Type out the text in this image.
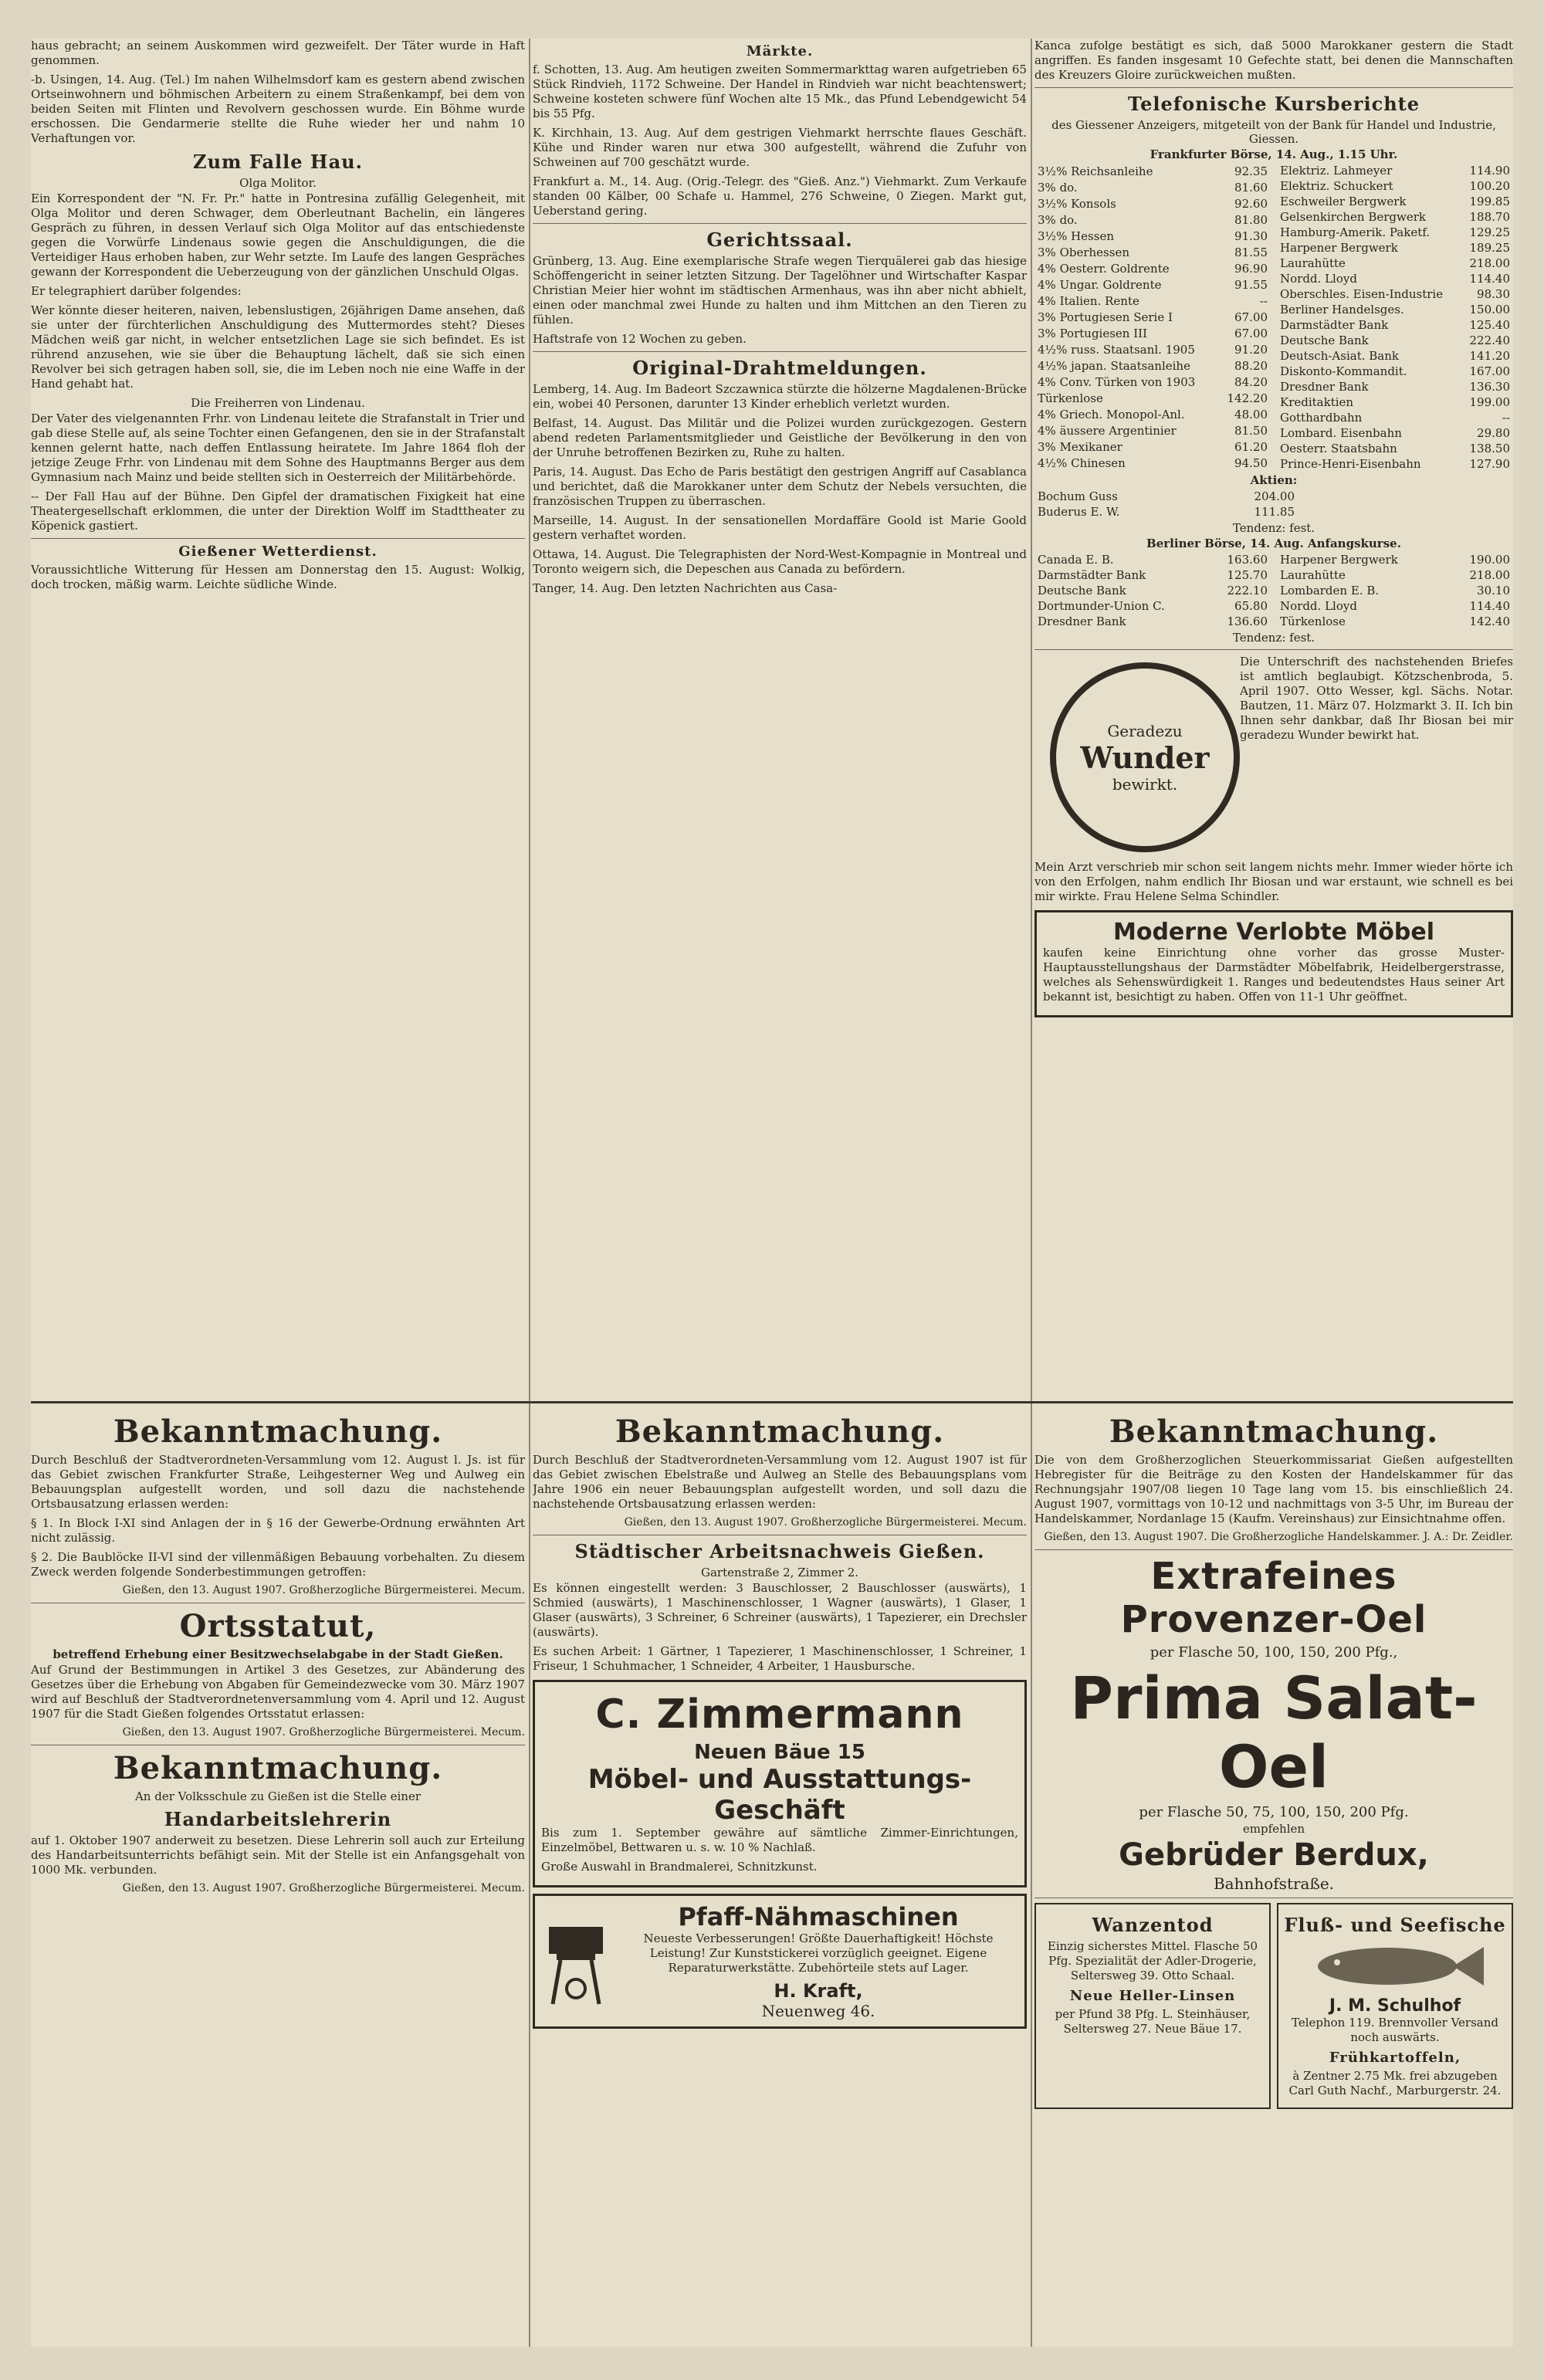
haus gebracht; an seinem Auskommen wird gezweifelt. Der Täter wurde in Haft genommen.

-b. Usingen, 14. Aug. (Tel.) Im nahen Wilhelmsdorf kam es gestern abend zwischen Ortseinwohnern und böhmischen Arbeitern zu einem Straßenkampf, bei dem von beiden Seiten mit Flinten und Revolvern geschossen wurde. Ein Böhme wurde erschossen. Die Gendarmerie stellte die Ruhe wieder her und nahm 10 Verhaftungen vor.

Zum Falle Hau.
Olga Molitor.

Ein Korrespondent der "N. Fr. Pr." hatte in Pontresina zufällig Gelegenheit, mit Olga Molitor und deren Schwager, dem Oberleutnant Bachelin, ein längeres Gespräch zu führen, in dessen Verlauf sich Olga Molitor auf das entschiedenste gegen die Vorwürfe Lindenaus sowie gegen die Anschuldigungen, die die Verteidiger Haus erhoben haben, zur Wehr setzte. Im Laufe des langen Gespräches gewann der Korrespondent die Ueberzeugung von der gänzlichen Unschuld Olgas.

Er telegraphiert darüber folgendes:

Wer könnte dieser heiteren, naiven, lebenslustigen, 26jährigen Dame ansehen, daß sie unter der fürchterlichen Anschuldigung des Muttermordes steht? Dieses Mädchen weiß gar nicht, in welcher entsetzlichen Lage sie sich befindet. Es ist rührend anzusehen, wie sie über die Behauptung lächelt, daß sie sich einen Revolver bei sich getragen haben soll, sie, die im Leben noch nie eine Waffe in der Hand gehabt hat.

Die Freiherren von Lindenau.

Der Vater des vielgenannten Frhr. von Lindenau leitete die Strafanstalt in Trier und gab diese Stelle auf, als seine Tochter einen Gefangenen, den sie in der Strafanstalt kennen gelernt hatte, nach deffen Entlassung heiratete. Im Jahre 1864 floh der jetzige Zeuge Frhr. von Lindenau mit dem Sohne des Hauptmanns Berger aus dem Gymnasium nach Mainz und beide stellten sich in Oesterreich der Militärbehörde.

-- Der Fall Hau auf der Bühne. Den Gipfel der dramatischen Fixigkeit hat eine Theatergesellschaft erklommen, die unter der Direktion Wolff im Stadttheater zu Köpenick gastiert.

Gießener Wetterdienst.

Voraussichtliche Witterung für Hessen am Donnerstag den 15. August: Wolkig, doch trocken, mäßig warm. Leichte südliche Winde.

Märkte.

f. Schotten, 13. Aug. Am heutigen zweiten Sommermarkttag waren aufgetrieben 65 Stück Rindvieh, 1172 Schweine. Der Handel in Rindvieh war nicht beachtenswert; Schweine kosteten schwere fünf Wochen alte 15 Mk., das Pfund Lebendgewicht 54 bis 55 Pfg.

K. Kirchhain, 13. Aug. Auf dem gestrigen Viehmarkt herrschte flaues Geschäft. Kühe und Rinder waren nur etwa 300 aufgestellt, während die Zufuhr von Schweinen auf 700 geschätzt wurde.

Frankfurt a. M., 14. Aug. (Orig.-Telegr. des "Gieß. Anz.") Viehmarkt. Zum Verkaufe standen 00 Kälber, 00 Schafe u. Hammel, 276 Schweine, 0 Ziegen. Markt gut, Ueberstand gering.

Gerichtssaal.

Grünberg, 13. Aug. Eine exemplarische Strafe wegen Tierquälerei gab das hiesige Schöffengericht in seiner letzten Sitzung. Der Tagelöhner und Wirtschafter Kaspar Christian Meier hier wohnt im städtischen Armenhaus, was ihn aber nicht abhielt, einen oder manchmal zwei Hunde zu halten und ihm Mittchen an den Tieren zu fühlen.

Haftstrafe von 12 Wochen zu geben.

Original-Drahtmeldungen.

Lemberg, 14. Aug. Im Badeort Szczawnica stürzte die hölzerne Magdalenen-Brücke ein, wobei 40 Personen, darunter 13 Kinder erheblich verletzt wurden.

Belfast, 14. August. Das Militär und die Polizei wurden zurückgezogen. Gestern abend redeten Parlamentsmitglieder und Geistliche der Bevölkerung in den von der Unruhe betroffenen Bezirken zu, Ruhe zu halten.

Paris, 14. August. Das Echo de Paris bestätigt den gestrigen Angriff auf Casablanca und berichtet, daß die Marokkaner unter dem Schutz der Nebels versuchten, die französischen Truppen zu überraschen.

Marseille, 14. August. In der sensationellen Mordaffäre Goold ist Marie Goold gestern verhaftet worden.

Ottawa, 14. August. Die Telegraphisten der Nord-West-Kompagnie in Montreal und Toronto weigern sich, die Depeschen aus Canada zu befördern.

Tanger, 14. Aug. Den letzten Nachrichten aus Casa-

Kanca zufolge bestätigt es sich, daß 5000 Marokkaner gestern die Stadt angriffen. Es fanden insgesamt 10 Gefechte statt, bei denen die Mannschaften des Kreuzers Gloire zurückweichen mußten.

Telefonische Kursberichte
des Giessener Anzeigers, mitgeteilt von der Bank für Handel und Industrie, Giessen.
Frankfurter Börse, 14. Aug., 1.15 Uhr.
3½% Reichsanleihe	92.35
3% do.	81.60
3½% Konsols	92.60
3% do.	81.80
3½% Hessen	91.30
3% Oberhessen	81.55
4% Oesterr. Goldrente	96.90
4% Ungar. Goldrente	91.55
4% Italien. Rente	--
3% Portugiesen Serie I	67.00
3% Portugiesen III	67.00
4½% russ. Staatsanl. 1905	91.20
4½% japan. Staatsanleihe	88.20
4% Conv. Türken von 1903	84.20
Türkenlose	142.20
4% Griech. Monopol-Anl.	48.00
4% äussere Argentinier	81.50
3% Mexikaner	61.20
4½% Chinesen	94.50
Elektriz. Lahmeyer	114.90
Elektriz. Schuckert	100.20
Eschweiler Bergwerk	199.85
Gelsenkirchen Bergwerk	188.70
Hamburg-Amerik. Paketf.	129.25
Harpener Bergwerk	189.25
Laurahütte	218.00
Nordd. Lloyd	114.40
Oberschles. Eisen-Industrie	98.30
Berliner Handelsges.	150.00
Darmstädter Bank	125.40
Deutsche Bank	222.40
Deutsch-Asiat. Bank	141.20
Diskonto-Kommandit.	167.00
Dresdner Bank	136.30
Kreditaktien	199.00
Gotthardbahn	--
Lombard. Eisenbahn	29.80
Oesterr. Staatsbahn	138.50
Prince-Henri-Eisenbahn	127.90
Aktien:
Bochum Guss	204.00
Buderus E. W.	111.85
Tendenz: fest.
Berliner Börse, 14. Aug. Anfangskurse.
Canada E. B.	163.60
Darmstädter Bank	125.70
Deutsche Bank	222.10
Dortmunder-Union C.	65.80
Dresdner Bank	136.60
Harpener Bergwerk	190.00
Laurahütte	218.00
Lombarden E. B.	30.10
Nordd. Lloyd	114.40
Türkenlose	142.40
Tendenz: fest.
Geradezu
Wunder
bewirkt.

Die Unterschrift des nachstehenden Briefes ist amtlich beglaubigt. Kötzschenbroda, 5. April 1907. Otto Wesser, kgl. Sächs. Notar. Bautzen, 11. März 07. Holzmarkt 3. II. Ich bin Ihnen sehr dankbar, daß Ihr Biosan bei mir geradezu Wunder bewirkt hat.

Mein Arzt verschrieb mir schon seit langem nichts mehr. Immer wieder hörte ich von den Erfolgen, nahm endlich Ihr Biosan und war erstaunt, wie schnell es bei mir wirkte. Frau Helene Selma Schindler.

Moderne Verlobte Möbel

kaufen keine Einrichtung ohne vorher das grosse Muster-Hauptausstellungshaus der Darmstädter Möbelfabrik, Heidelbergerstrasse, welches als Sehenswürdigkeit 1. Ranges und bedeutendstes Haus seiner Art bekannt ist, besichtigt zu haben. Offen von 11-1 Uhr geöffnet.

Bekanntmachung.

Durch Beschluß der Stadtverordneten-Versammlung vom 12. August l. Js. ist für das Gebiet zwischen Frankfurter Straße, Leihgesterner Weg und Aulweg ein Bebauungsplan aufgestellt worden, und soll dazu die nachstehende Ortsbausatzung erlassen werden:

§ 1. In Block I-XI sind Anlagen der in § 16 der Gewerbe-Ordnung erwähnten Art nicht zulässig.

§ 2. Die Baublöcke II-VI sind der villenmäßigen Bebauung vorbehalten. Zu diesem Zweck werden folgende Sonderbestimmungen getroffen:

Gießen, den 13. August 1907. Großherzogliche Bürgermeisterei. Mecum.
Ortsstatut,
betreffend Erhebung einer Besitzwechselabgabe in der Stadt Gießen.

Auf Grund der Bestimmungen in Artikel 3 des Gesetzes, zur Abänderung des Gesetzes über die Erhebung von Abgaben für Gemeindezwecke vom 30. März 1907 wird auf Beschluß der Stadtverordnetenversammlung vom 4. April und 12. August 1907 für die Stadt Gießen folgendes Ortsstatut erlassen:

Gießen, den 13. August 1907. Großherzogliche Bürgermeisterei. Mecum.
Bekanntmachung.
An der Volksschule zu Gießen ist die Stelle einer
Handarbeitslehrerin

auf 1. Oktober 1907 anderweit zu besetzen. Diese Lehrerin soll auch zur Erteilung des Handarbeitsunterrichts befähigt sein. Mit der Stelle ist ein Anfangsgehalt von 1000 Mk. verbunden.

Gießen, den 13. August 1907. Großherzogliche Bürgermeisterei. Mecum.
Bekanntmachung.

Durch Beschluß der Stadtverordneten-Versammlung vom 12. August 1907 ist für das Gebiet zwischen Ebelstraße und Aulweg an Stelle des Bebauungsplans vom Jahre 1906 ein neuer Bebauungsplan aufgestellt worden, und soll dazu die nachstehende Ortsbausatzung erlassen werden:

Gießen, den 13. August 1907. Großherzogliche Bürgermeisterei. Mecum.
Städtischer Arbeitsnachweis Gießen.
Gartenstraße 2, Zimmer 2.

Es können eingestellt werden: 3 Bauschlosser, 2 Bauschlosser (auswärts), 1 Schmied (auswärts), 1 Maschinenschlosser, 1 Wagner (auswärts), 1 Glaser, 1 Glaser (auswärts), 3 Schreiner, 6 Schreiner (auswärts), 1 Tapezierer, ein Drechsler (auswärts).

Es suchen Arbeit: 1 Gärtner, 1 Tapezierer, 1 Maschinenschlosser, 1 Schreiner, 1 Friseur, 1 Schuhmacher, 1 Schneider, 4 Arbeiter, 1 Hausbursche.

C. Zimmermann
Neuen Bäue 15
Möbel- und Ausstattungs-Geschäft

Bis zum 1. September gewähre auf sämtliche Zimmer-Einrichtungen, Einzelmöbel, Bettwaren u. s. w. 10 % Nachlaß.

Große Auswahl in Brandmalerei, Schnitzkunst.

Pfaff-Nähmaschinen

Neueste Verbesserungen! Größte Dauerhaftigkeit! Höchste Leistung! Zur Kunststickerei vorzüglich geeignet. Eigene Reparaturwerkstätte. Zubehörteile stets auf Lager.

H. Kraft,
Neuenweg 46.
Bekanntmachung.

Die von dem Großherzoglichen Steuerkommissariat Gießen aufgestellten Hebregister für die Beiträge zu den Kosten der Handelskammer für das Rechnungsjahr 1907/08 liegen 10 Tage lang vom 15. bis einschließlich 24. August 1907, vormittags von 10-12 und nachmittags von 3-5 Uhr, im Bureau der Handelskammer, Nordanlage 15 (Kaufm. Vereinshaus) zur Einsichtnahme offen.

Gießen, den 13. August 1907. Die Großherzogliche Handelskammer. J. A.: Dr. Zeidler.
Extrafeines Provenzer-Oel
per Flasche 50, 100, 150, 200 Pfg.,
Prima Salat-Oel
per Flasche 50, 75, 100, 150, 200 Pfg.
empfehlen
Gebrüder Berdux,
Bahnhofstraße.
Wanzentod

Einzig sicherstes Mittel. Flasche 50 Pfg. Spezialität der Adler-Drogerie, Seltersweg 39. Otto Schaal.

Neue Heller-Linsen

per Pfund 38 Pfg. L. Steinhäuser, Seltersweg 27. Neue Bäue 17.

Fluß- und Seefische
J. M. Schulhof

Telephon 119. Brennvoller Versand noch auswärts.

Frühkartoffeln,

à Zentner 2.75 Mk. frei abzugeben Carl Guth Nachf., Marburgerstr. 24.
